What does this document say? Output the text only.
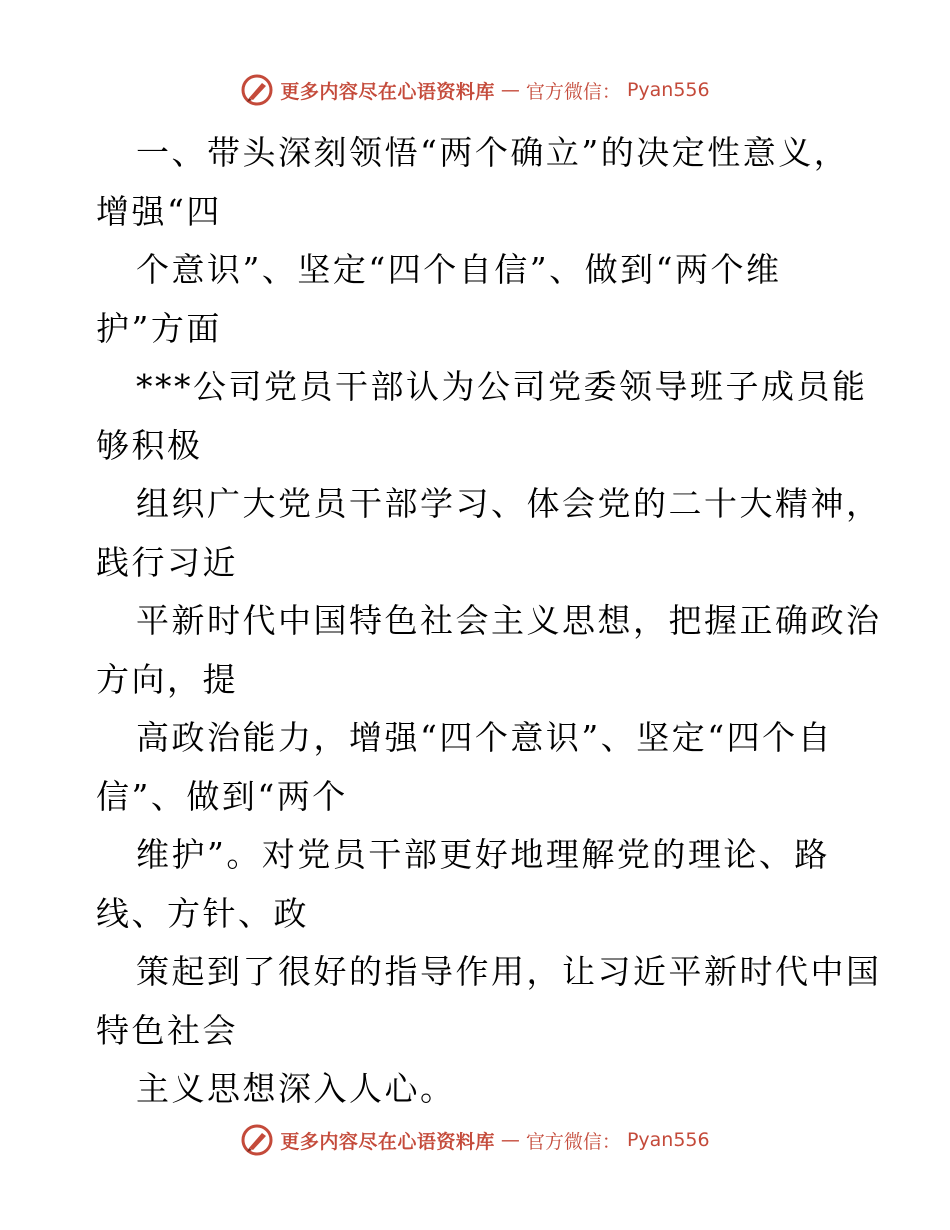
更多内容尽在心语资料库 — 官方微信： Pyan556
一、带头深刻领悟“两个确立”的决定性意义，
增强“四
个意识”、坚定“四个自信”、做到“两个维
护”方面
***公司党员干部认为公司党委领导班子成员能
够积极
组织广大党员干部学习、体会党的二十大精神，
践行习近
平新时代中国特色社会主义思想，把握正确政治
方向，提
高政治能力，增强“四个意识”、坚定“四个自
信”、做到“两个
维护”。对党员干部更好地理解党的理论、路
线、方针、政
策起到了很好的指导作用，让习近平新时代中国
特色社会
主义思想深入人心。
更多内容尽在心语资料库 — 官方微信： Pyan556
